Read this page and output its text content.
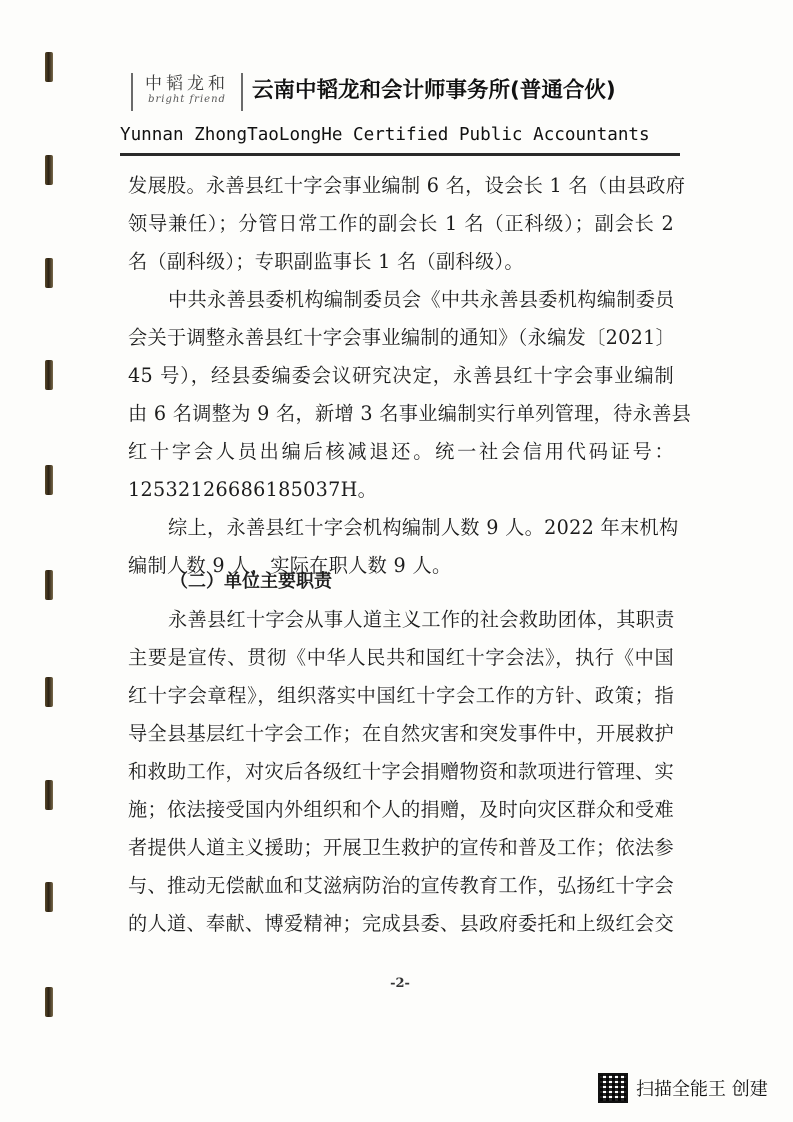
中韬龙和
bright friend	云南中韬龙和会计师事务所(普通合伙)
Yunnan ZhongTaoLongHe Certified Public Accountants
发展股。永善县红十字会事业编制 6 名，设会长 1 名（由县政府
领导兼任）；分管日常工作的副会长 1 名（正科级）；副会长 2
名（副科级）；专职副监事长 1 名（副科级）。
中共永善县委机构编制委员会《中共永善县委机构编制委员
会关于调整永善县红十字会事业编制的通知》（永编发〔2021〕
45 号），经县委编委会议研究决定，永善县红十字会事业编制
由 6 名调整为 9 名，新增 3 名事业编制实行单列管理，待永善县
红十字会人员出编后核减退还。统一社会信用代码证号：
12532126686185037H。
综上，永善县红十字会机构编制人数 9 人。2022 年末机构
编制人数 9 人，实际在职人数 9 人。
（二）单位主要职责
永善县红十字会从事人道主义工作的社会救助团体，其职责
主要是宣传、贯彻《中华人民共和国红十字会法》，执行《中国
红十字会章程》，组织落实中国红十字会工作的方针、政策；指
导全县基层红十字会工作；在自然灾害和突发事件中，开展救护
和救助工作，对灾后各级红十字会捐赠物资和款项进行管理、实
施；依法接受国内外组织和个人的捐赠，及时向灾区群众和受难
者提供人道主义援助；开展卫生救护的宣传和普及工作；依法参
与、推动无偿献血和艾滋病防治的宣传教育工作，弘扬红十字会
的人道、奉献、博爱精神；完成县委、县政府委托和上级红会交
-2-
扫描全能王 创建
